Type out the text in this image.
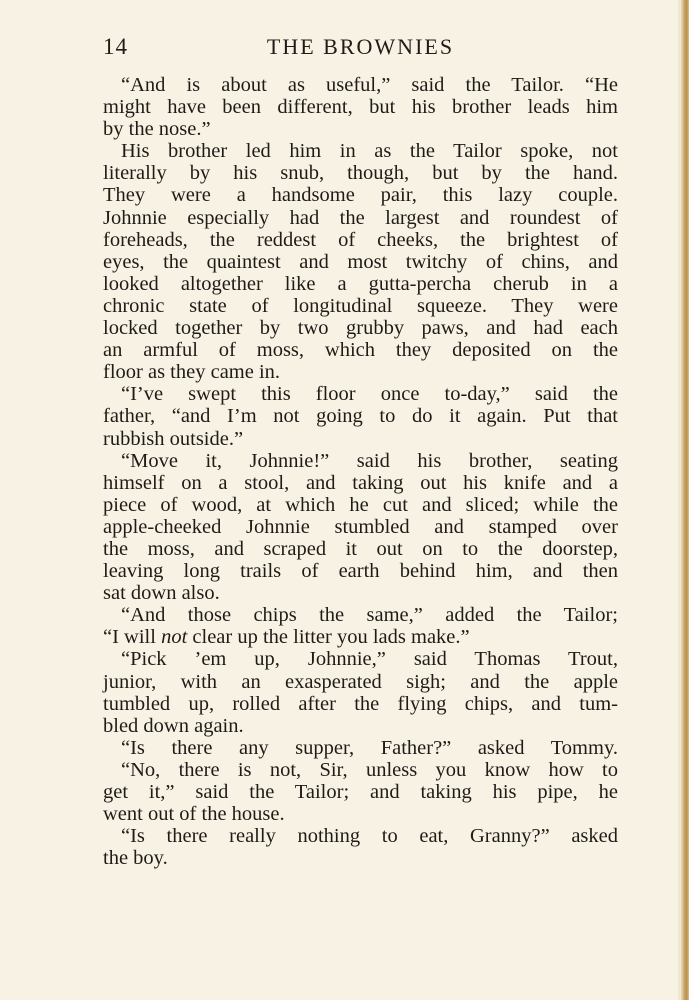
14	THE BROWNIES
“And is about as useful,” said the Tailor. “He
might have been different, but his brother leads him
by the nose.”
His brother led him in as the Tailor spoke, not
literally by his snub, though, but by the hand.
They were a handsome pair, this lazy couple.
Johnnie especially had the largest and roundest of
foreheads, the reddest of cheeks, the brightest of
eyes, the quaintest and most twitchy of chins, and
looked altogether like a gutta-percha cherub in a
chronic state of longitudinal squeeze. They were
locked together by two grubby paws, and had each
an armful of moss, which they deposited on the
floor as they came in.
“I’ve swept this floor once to-day,” said the
father, “and I’m not going to do it again. Put that
rubbish outside.”
“Move it, Johnnie!” said his brother, seating
himself on a stool, and taking out his knife and a
piece of wood, at which he cut and sliced; while the
apple-cheeked Johnnie stumbled and stamped over
the moss, and scraped it out on to the doorstep,
leaving long trails of earth behind him, and then
sat down also.
“And those chips the same,” added the Tailor;
“I will not clear up the litter you lads make.”
“Pick ’em up, Johnnie,” said Thomas Trout,
junior, with an exasperated sigh; and the apple
tumbled up, rolled after the flying chips, and tum-
bled down again.
“Is there any supper, Father?” asked Tommy.
“No, there is not, Sir, unless you know how to
get it,” said the Tailor; and taking his pipe, he
went out of the house.
“Is there really nothing to eat, Granny?” asked
the boy.
